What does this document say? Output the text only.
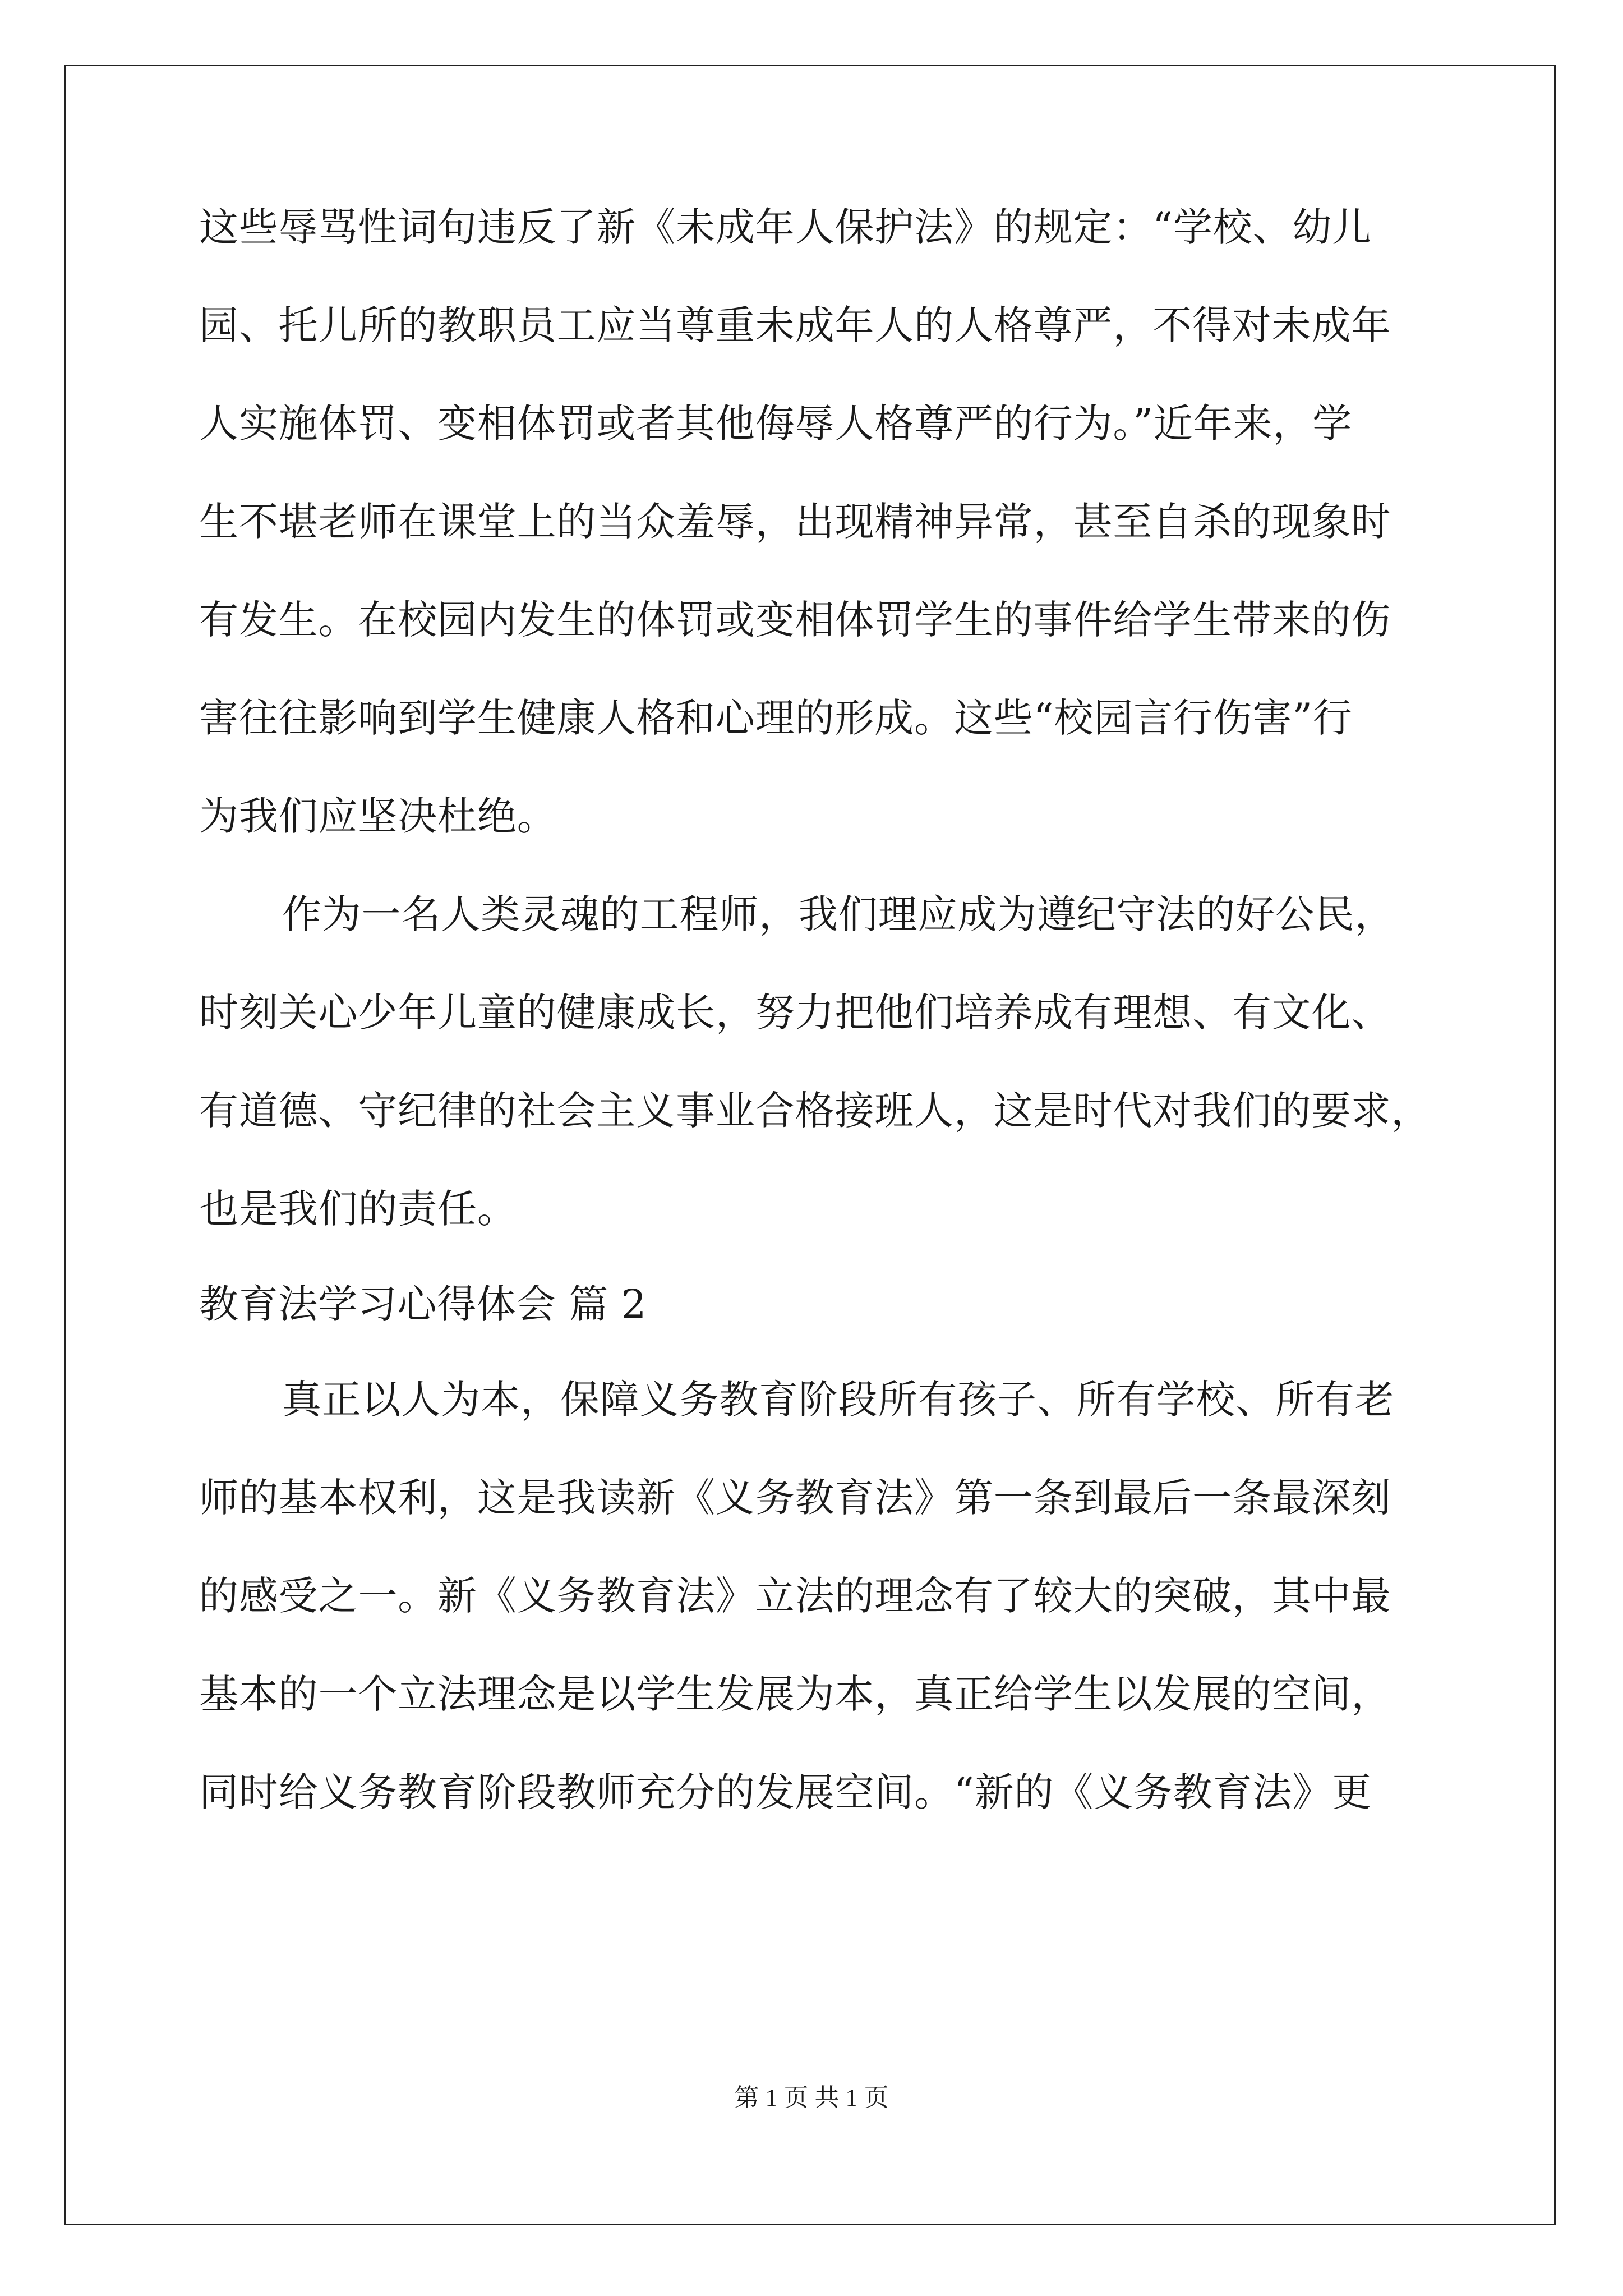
这些辱骂性词句违反了新《未成年人保护法》的规定：“学校、幼儿
园、托儿所的教职员工应当尊重未成年人的人格尊严，不得对未成年
人实施体罚、变相体罚或者其他侮辱人格尊严的行为。”近年来，学
生不堪老师在课堂上的当众羞辱，出现精神异常，甚至自杀的现象时
有发生。在校园内发生的体罚或变相体罚学生的事件给学生带来的伤
害往往影响到学生健康人格和心理的形成。这些“校园言行伤害”行
为我们应坚决杜绝。
作为一名人类灵魂的工程师，我们理应成为遵纪守法的好公民，
时刻关心少年儿童的健康成长，努力把他们培养成有理想、有文化、
有道德、守纪律的社会主义事业合格接班人，这是时代对我们的要求，
也是我们的责任。
教育法学习心得体会 篇 2
真正以人为本，保障义务教育阶段所有孩子、所有学校、所有老
师的基本权利，这是我读新《义务教育法》第一条到最后一条最深刻
的感受之一。新《义务教育法》立法的理念有了较大的突破，其中最
基本的一个立法理念是以学生发展为本，真正给学生以发展的空间，
同时给义务教育阶段教师充分的发展空间。“新的《义务教育法》更
第 1 页 共 1 页
